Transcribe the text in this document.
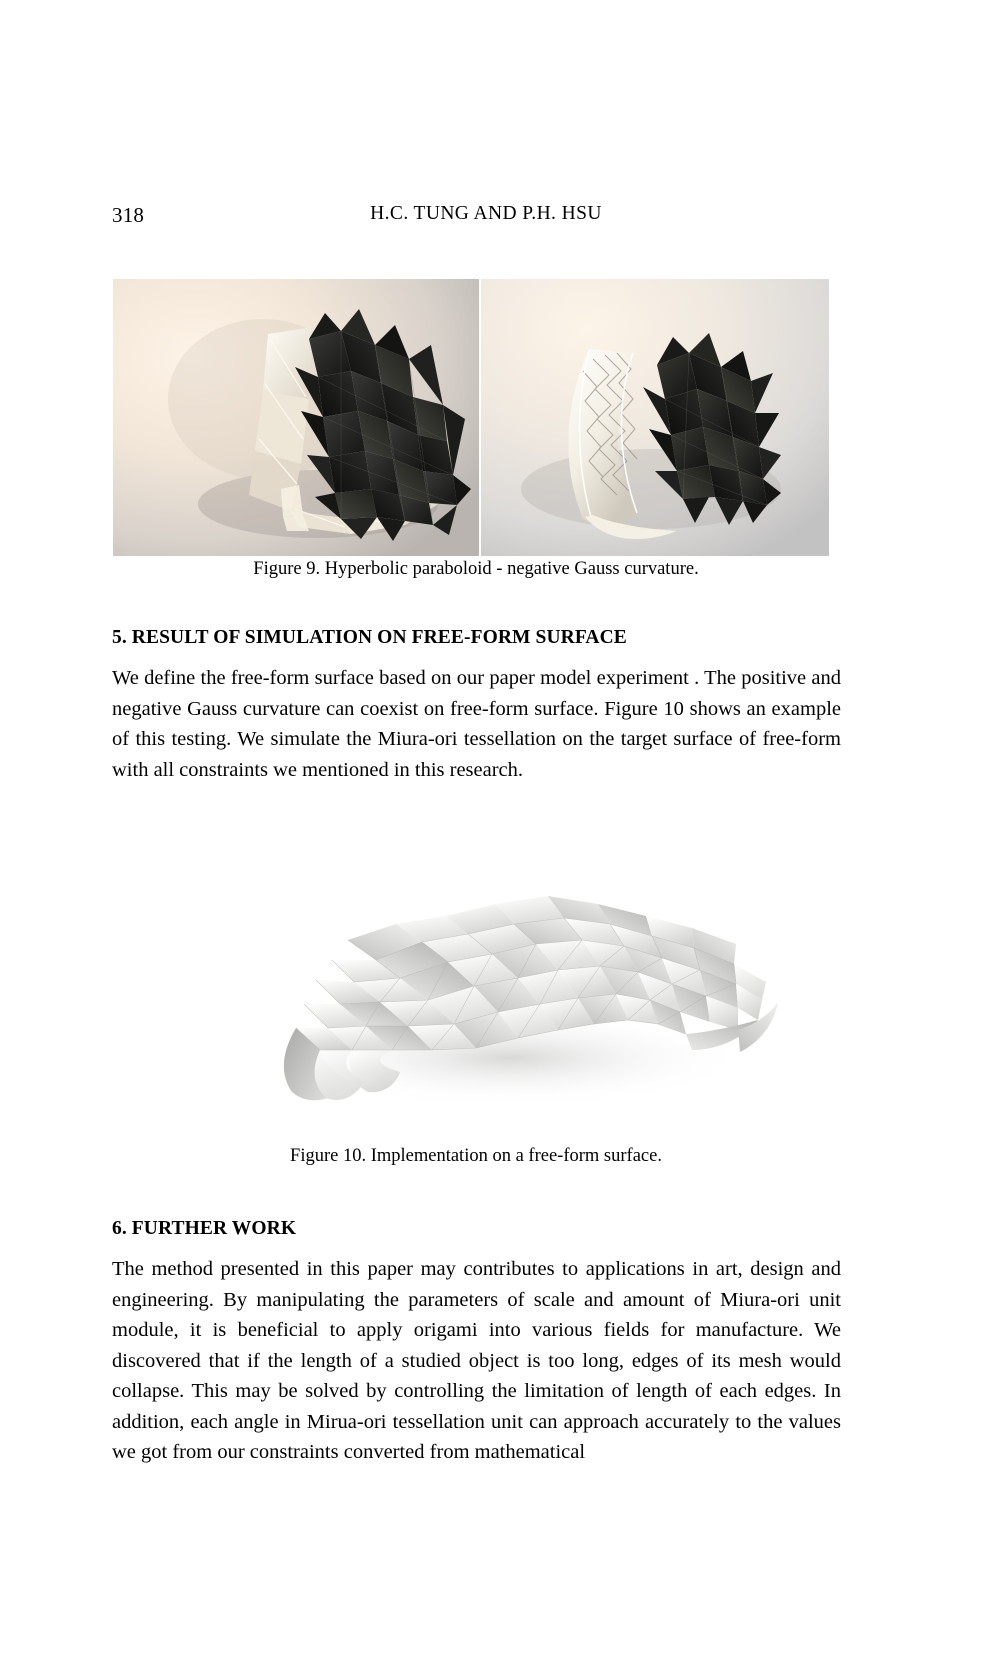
318	H.C. TUNG AND P.H. HSU
Figure 9. Hyperbolic paraboloid - negative Gauss curvature.
5. RESULT OF SIMULATION ON FREE-FORM SURFACE
We define the free-form surface based on our paper model experiment . The positive and negative Gauss curvature can coexist on free-form surface. Figure 10 shows an example of this testing. We simulate the Miura-ori tessellation on the target surface of free-form with all constraints we mentioned in this research.
Figure 10. Implementation on a free-form surface.
6. FURTHER WORK
The method presented in this paper may contributes to applications in art, design and engineering. By manipulating the parameters of scale and amount of Miura-ori unit module, it is beneficial to apply origami into various fields for manufacture. We discovered that if the length of a studied object is too long, edges of its mesh would collapse. This may be solved by controlling the limitation of length of each edges. In addition, each angle in Mirua-ori tessellation unit can approach accurately to the values we got from our constraints converted from mathematical
